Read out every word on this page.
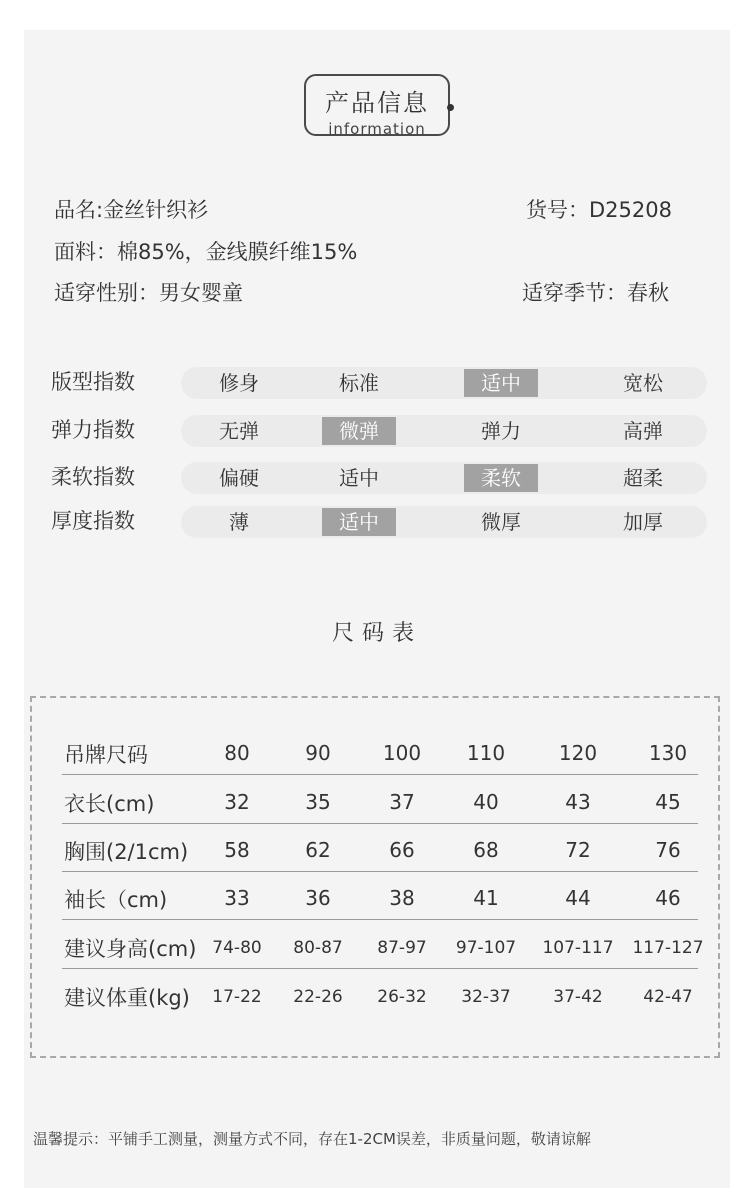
产品信息
information
品名:金丝针织衫	货号：D25208
面料：棉85%，金线膜纤维15%
适穿性别：男女婴童	适穿季节：春秋
版型指数	修身	标准	适中	宽松
弹力指数	无弹	微弹	弹力	高弹
柔软指数	偏硬	适中	柔软	超柔
厚度指数	薄	适中	微厚	加厚
尺码表
吊牌尺码	80	90	100	110	120	130
衣长(cm)	32	35	37	40	43	45
胸围(2/1cm)	58	62	66	68	72	76
袖长（cm)	33	36	38	41	44	46
建议身高(cm) 74-80	80-87	87-97	97-107	107-117 117-127
建议体重(kg)	17-22	22-26	26-32	32-37	37-42	42-47
温馨提示：平铺手工测量，测量方式不同，存在1-2CM误差，非质量问题，敬请谅解
